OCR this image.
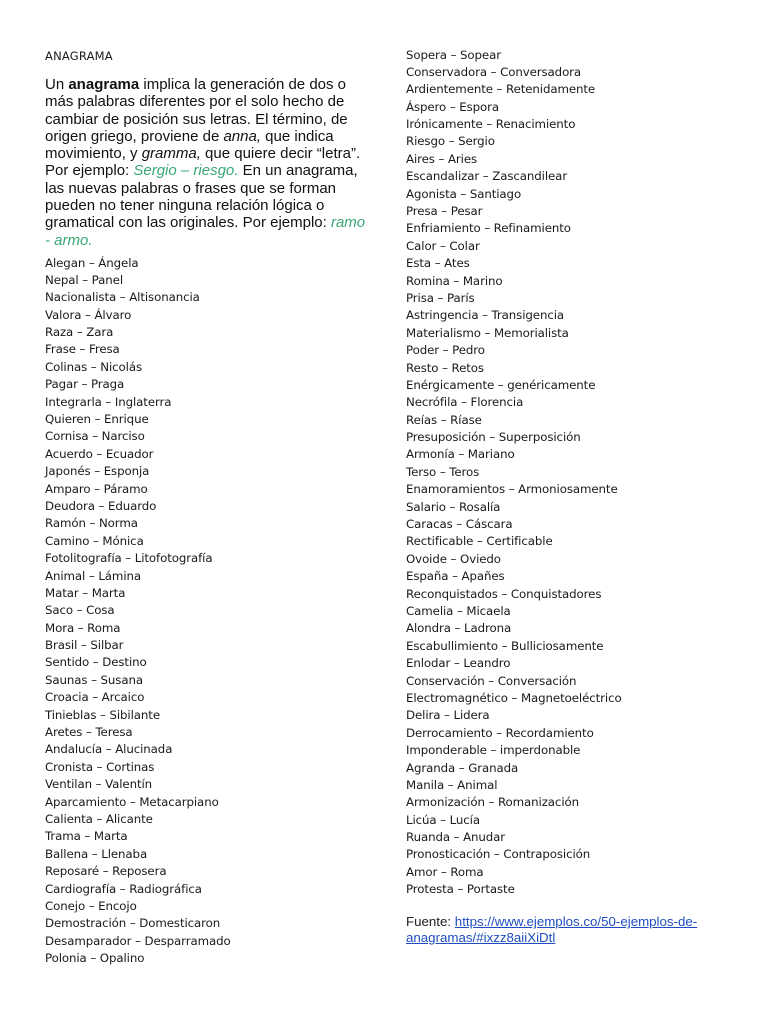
ANAGRAMA
Un anagrama implica la generación de dos o más palabras diferentes por el solo hecho de cambiar de posición sus letras. El término, de origen griego, proviene de anna, que indica movimiento, y gramma, que quiere decir “letra”. Por ejemplo: Sergio – riesgo. En un anagrama, las nuevas palabras o frases que se forman pueden no tener ninguna relación lógica o gramatical con las originales. Por ejemplo: ramo - armo.
Alegan – Ángela
Nepal – Panel
Nacionalista – Altisonancia
Valora – Álvaro
Raza – Zara
Frase – Fresa
Colinas – Nicolás
Pagar – Praga
Integrarla – Inglaterra
Quieren – Enrique
Cornisa – Narciso
Acuerdo – Ecuador
Japonés – Esponja
Amparo – Páramo
Deudora – Eduardo
Ramón – Norma
Camino – Mónica
Fotolitografía – Litofotografía
Animal – Lámina
Matar – Marta
Saco – Cosa
Mora – Roma
Brasil – Silbar
Sentido – Destino
Saunas – Susana
Croacia – Arcaico
Tinieblas – Sibilante
Aretes – Teresa
Andalucía – Alucinada
Cronista – Cortinas
Ventilan – Valentín
Aparcamiento – Metacarpiano
Calienta – Alicante
Trama – Marta
Ballena – Llenaba
Reposaré – Reposera
Cardiografía – Radiográfica
Conejo – Encojo
Demostración – Domesticaron
Desamparador – Desparramado
Polonia – Opalino
Sopera – Sopear
Conservadora – Conversadora
Ardientemente – Retenidamente
Áspero – Espora
Irónicamente – Renacimiento
Riesgo – Sergio
Aires – Aries
Escandalizar – Zascandilear
Agonista – Santiago
Presa – Pesar
Enfriamiento – Refinamiento
Calor – Colar
Esta – Ates
Romina – Marino
Prisa – París
Astringencia – Transigencia
Materialismo – Memorialista
Poder – Pedro
Resto – Retos
Enérgicamente – genéricamente
Necrófila – Florencia
Reías – Ríase
Presuposición – Superposición
Armonía – Mariano
Terso – Teros
Enamoramientos – Armoniosamente
Salario – Rosalía
Caracas – Cáscara
Rectificable – Certificable
Ovoide – Oviedo
España – Apañes
Reconquistados – Conquistadores
Camelia – Micaela
Alondra – Ladrona
Escabullimiento – Bulliciosamente
Enlodar – Leandro
Conservación – Conversación
Electromagnético – Magnetoeléctrico
Delira – Lidera
Derrocamiento – Recordamiento
Imponderable – imperdonable
Agranda – Granada
Manila – Animal
Armonización – Romanización
Licúa – Lucía
Ruanda – Anudar
Pronosticación – Contraposición
Amor – Roma
Protesta – Portaste
Fuente: https://www.ejemplos.co/50-ejemplos-de-anagramas/#ixzz8aiiXiDtl
